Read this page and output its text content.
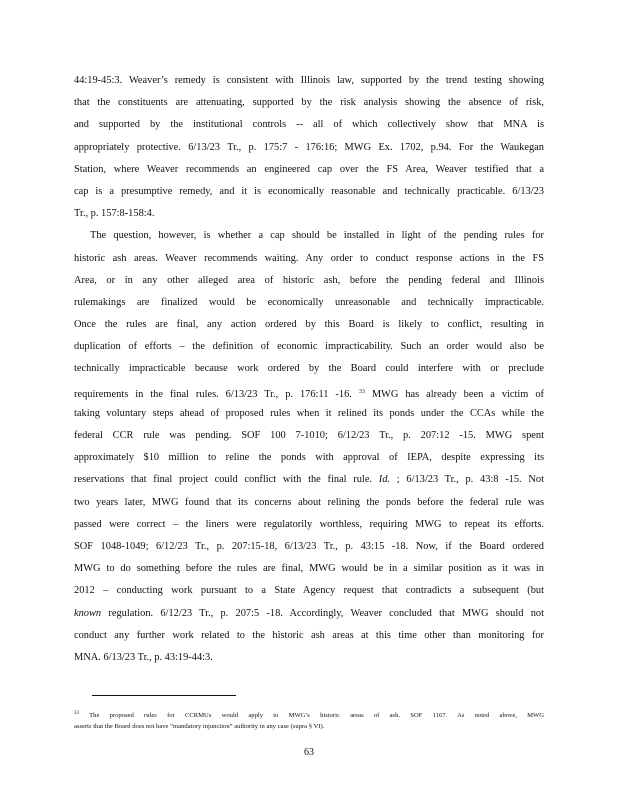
44:19-45:3. Weaver’s remedy is consistent with Illinois law, supported by the trend testing showing
that the constituents are attenuating, supported by the risk analysis showing the absence of risk,
and supported by the institutional controls -- all of which collectively show that MNA is
appropriately protective. 6/13/23 Tr., p. 175:7 - 176:16; MWG Ex. 1702, p.94. For the Waukegan
Station, where Weaver recommends an engineered cap over the FS Area, Weaver testified that a
cap is a presumptive remedy, and it is economically reasonable and technically practicable. 6/13/23
Tr., p. 157:8-158:4.
The question, however, is whether a cap should be installed in light of the pending rules for
historic ash areas. Weaver recommends waiting. Any order to conduct response actions in the FS
Area, or in any other alleged area of historic ash, before the pending federal and Illinois
rulemakings are finalized would be economically unreasonable and technically impracticable.
Once the rules are final, any action ordered by this Board is likely to conflict, resulting in
duplication of efforts – the definition of economic impracticability. Such an order would also be
technically impracticable because work ordered by the Board could interfere with or preclude
requirements in the final rules. 6/13/23 Tr., p. 176:11 -16. $^{33}$ MWG has already been a victim of
taking voluntary steps ahead of proposed rules when it relined its ponds under the CCAs while the
federal CCR rule was pending. SOF 100 7-1010; 6/12/23 Tr., p. 207:12 -15. MWG spent
approximately $10 million to reline the ponds with approval of IEPA, despite expressing its
reservations that final project could conflict with the final rule. Id. ; 6/13/23 Tr., p. 43:8 -15. Not
two years later, MWG found that its concerns about relining the ponds before the federal rule was
passed were correct – the liners were regulatorily worthless, requiring MWG to repeat its efforts.
SOF 1048-1049; 6/12/23 Tr., p. 207:15-18, 6/13/23 Tr., p. 43:15 -18. Now, if the Board ordered
MWG to do something before the rules are final, MWG would be in a similar position as it was in
2012 – conducting work pursuant to a State Agency request that contradicts a subsequent (but
known regulation. 6/12/23 Tr., p. 207:5 -18. Accordingly, Weaver concluded that MWG should not
conduct any further work related to the historic ash areas at this time other than monitoring for
MNA. 6/13/23 Tr., p. 43:19-44:3.
$^{33}$ The proposed rules for CCRMUs would apply to MWG’s historic areas of ash. SOF 1167. As noted above, MWG
asserts that the Board does not have “mandatory injunction” authority in any case (supra § VI).
63
